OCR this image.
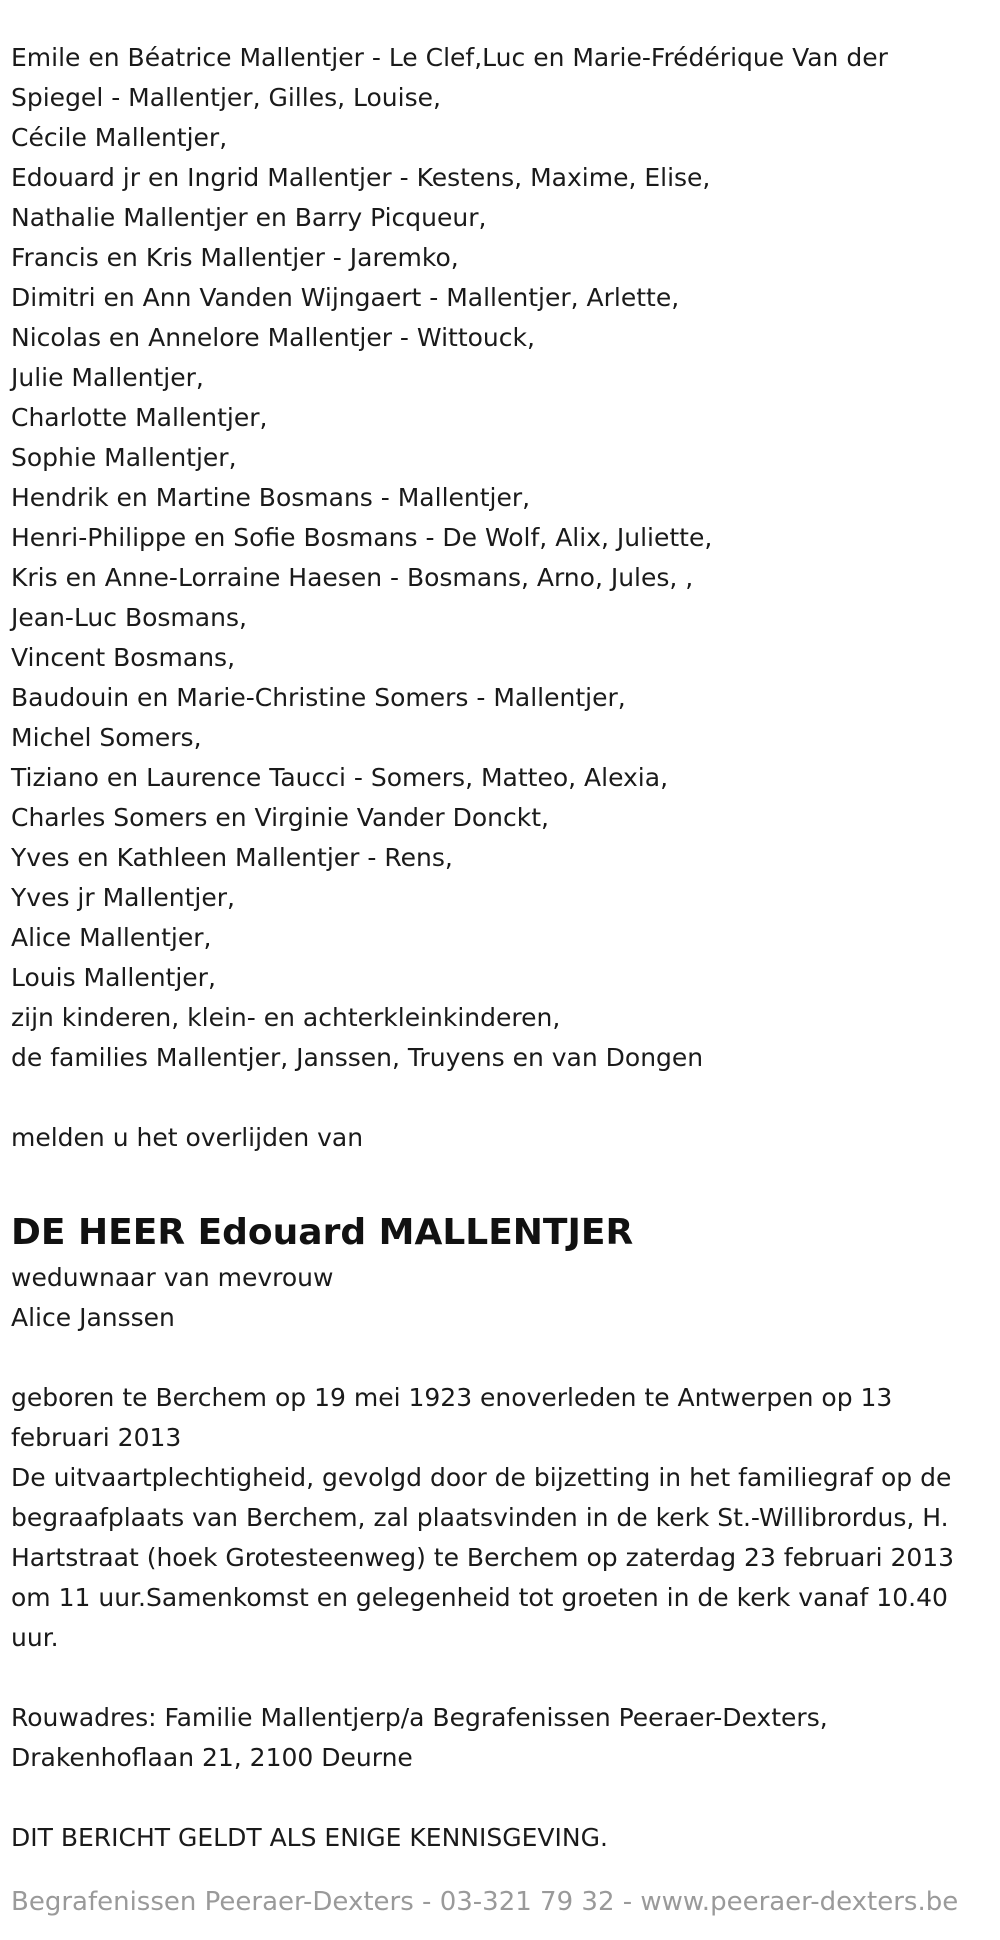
Emile en Béatrice Mallentjer - Le Clef,Luc en Marie-Frédérique Van der
Spiegel - Mallentjer, Gilles, Louise,
Cécile Mallentjer,
Edouard jr en Ingrid Mallentjer - Kestens, Maxime, Elise,
Nathalie Mallentjer en Barry Picqueur,
Francis en Kris Mallentjer - Jaremko,
Dimitri en Ann Vanden Wijngaert - Mallentjer, Arlette,
Nicolas en Annelore Mallentjer - Wittouck,
Julie Mallentjer,
Charlotte Mallentjer,
Sophie Mallentjer,
Hendrik en Martine Bosmans - Mallentjer,
Henri-Philippe en Sofie Bosmans - De Wolf, Alix, Juliette,
Kris en Anne-Lorraine Haesen - Bosmans, Arno, Jules, ,
Jean-Luc Bosmans,
Vincent Bosmans,
Baudouin en Marie-Christine Somers - Mallentjer,
Michel Somers,
Tiziano en Laurence Taucci - Somers, Matteo, Alexia,
Charles Somers en Virginie Vander Donckt,
Yves en Kathleen Mallentjer - Rens,
Yves jr Mallentjer,
Alice Mallentjer,
Louis Mallentjer,
zijn kinderen, klein- en achterkleinkinderen,
de families Mallentjer, Janssen, Truyens en van Dongen
melden u het overlijden van
DE HEER Edouard MALLENTJER
weduwnaar van mevrouw
Alice Janssen
geboren te Berchem op 19 mei 1923 enoverleden te Antwerpen op 13 februari 2013
De uitvaartplechtigheid, gevolgd door de bijzetting in het familiegraf op de begraafplaats van Berchem, zal plaatsvinden in de kerk St.-Willibrordus, H. Hartstraat (hoek Grotesteenweg) te Berchem op zaterdag 23 februari 2013 om 11 uur.Samenkomst en gelegenheid tot groeten in de kerk vanaf 10.40 uur.
Rouwadres: Familie Mallentjerp/a Begrafenissen Peeraer-Dexters, Drakenhoflaan 21, 2100 Deurne
DIT BERICHT GELDT ALS ENIGE KENNISGEVING.
Begrafenissen Peeraer-Dexters - 03-321 79 32 - www.peeraer-dexters.be
